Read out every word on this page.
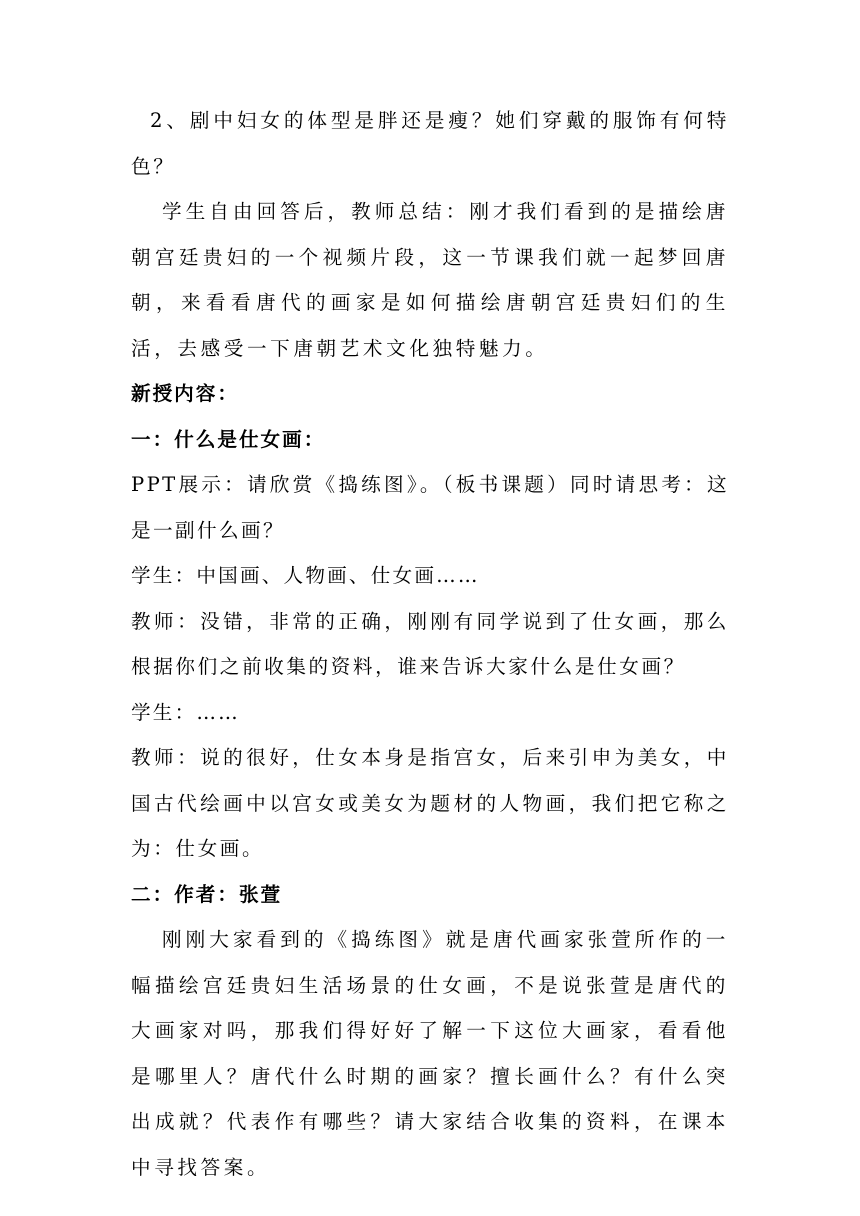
2、剧中妇女的体型是胖还是瘦？她们穿戴的服饰有何特色？
学生自由回答后，教师总结：刚才我们看到的是描绘唐朝宫廷贵妇的一个视频片段，这一节课我们就一起梦回唐朝，来看看唐代的画家是如何描绘唐朝宫廷贵妇们的生活，去感受一下唐朝艺术文化独特魅力。
新授内容：
一：什么是仕女画：
PPT展示：请欣赏《捣练图》。（板书课题）同时请思考：这是一副什么画？
学生：中国画、人物画、仕女画……
教师：没错，非常的正确，刚刚有同学说到了仕女画，那么根据你们之前收集的资料，谁来告诉大家什么是仕女画？
学生：……
教师：说的很好，仕女本身是指宫女，后来引申为美女，中国古代绘画中以宫女或美女为题材的人物画，我们把它称之为：仕女画。
二：作者：张萱
刚刚大家看到的《捣练图》就是唐代画家张萱所作的一幅描绘宫廷贵妇生活场景的仕女画，不是说张萱是唐代的大画家对吗，那我们得好好了解一下这位大画家，看看他是哪里人？唐代什么时期的画家？擅长画什么？有什么突出成就？代表作有哪些？请大家结合收集的资料，在课本中寻找答案。
